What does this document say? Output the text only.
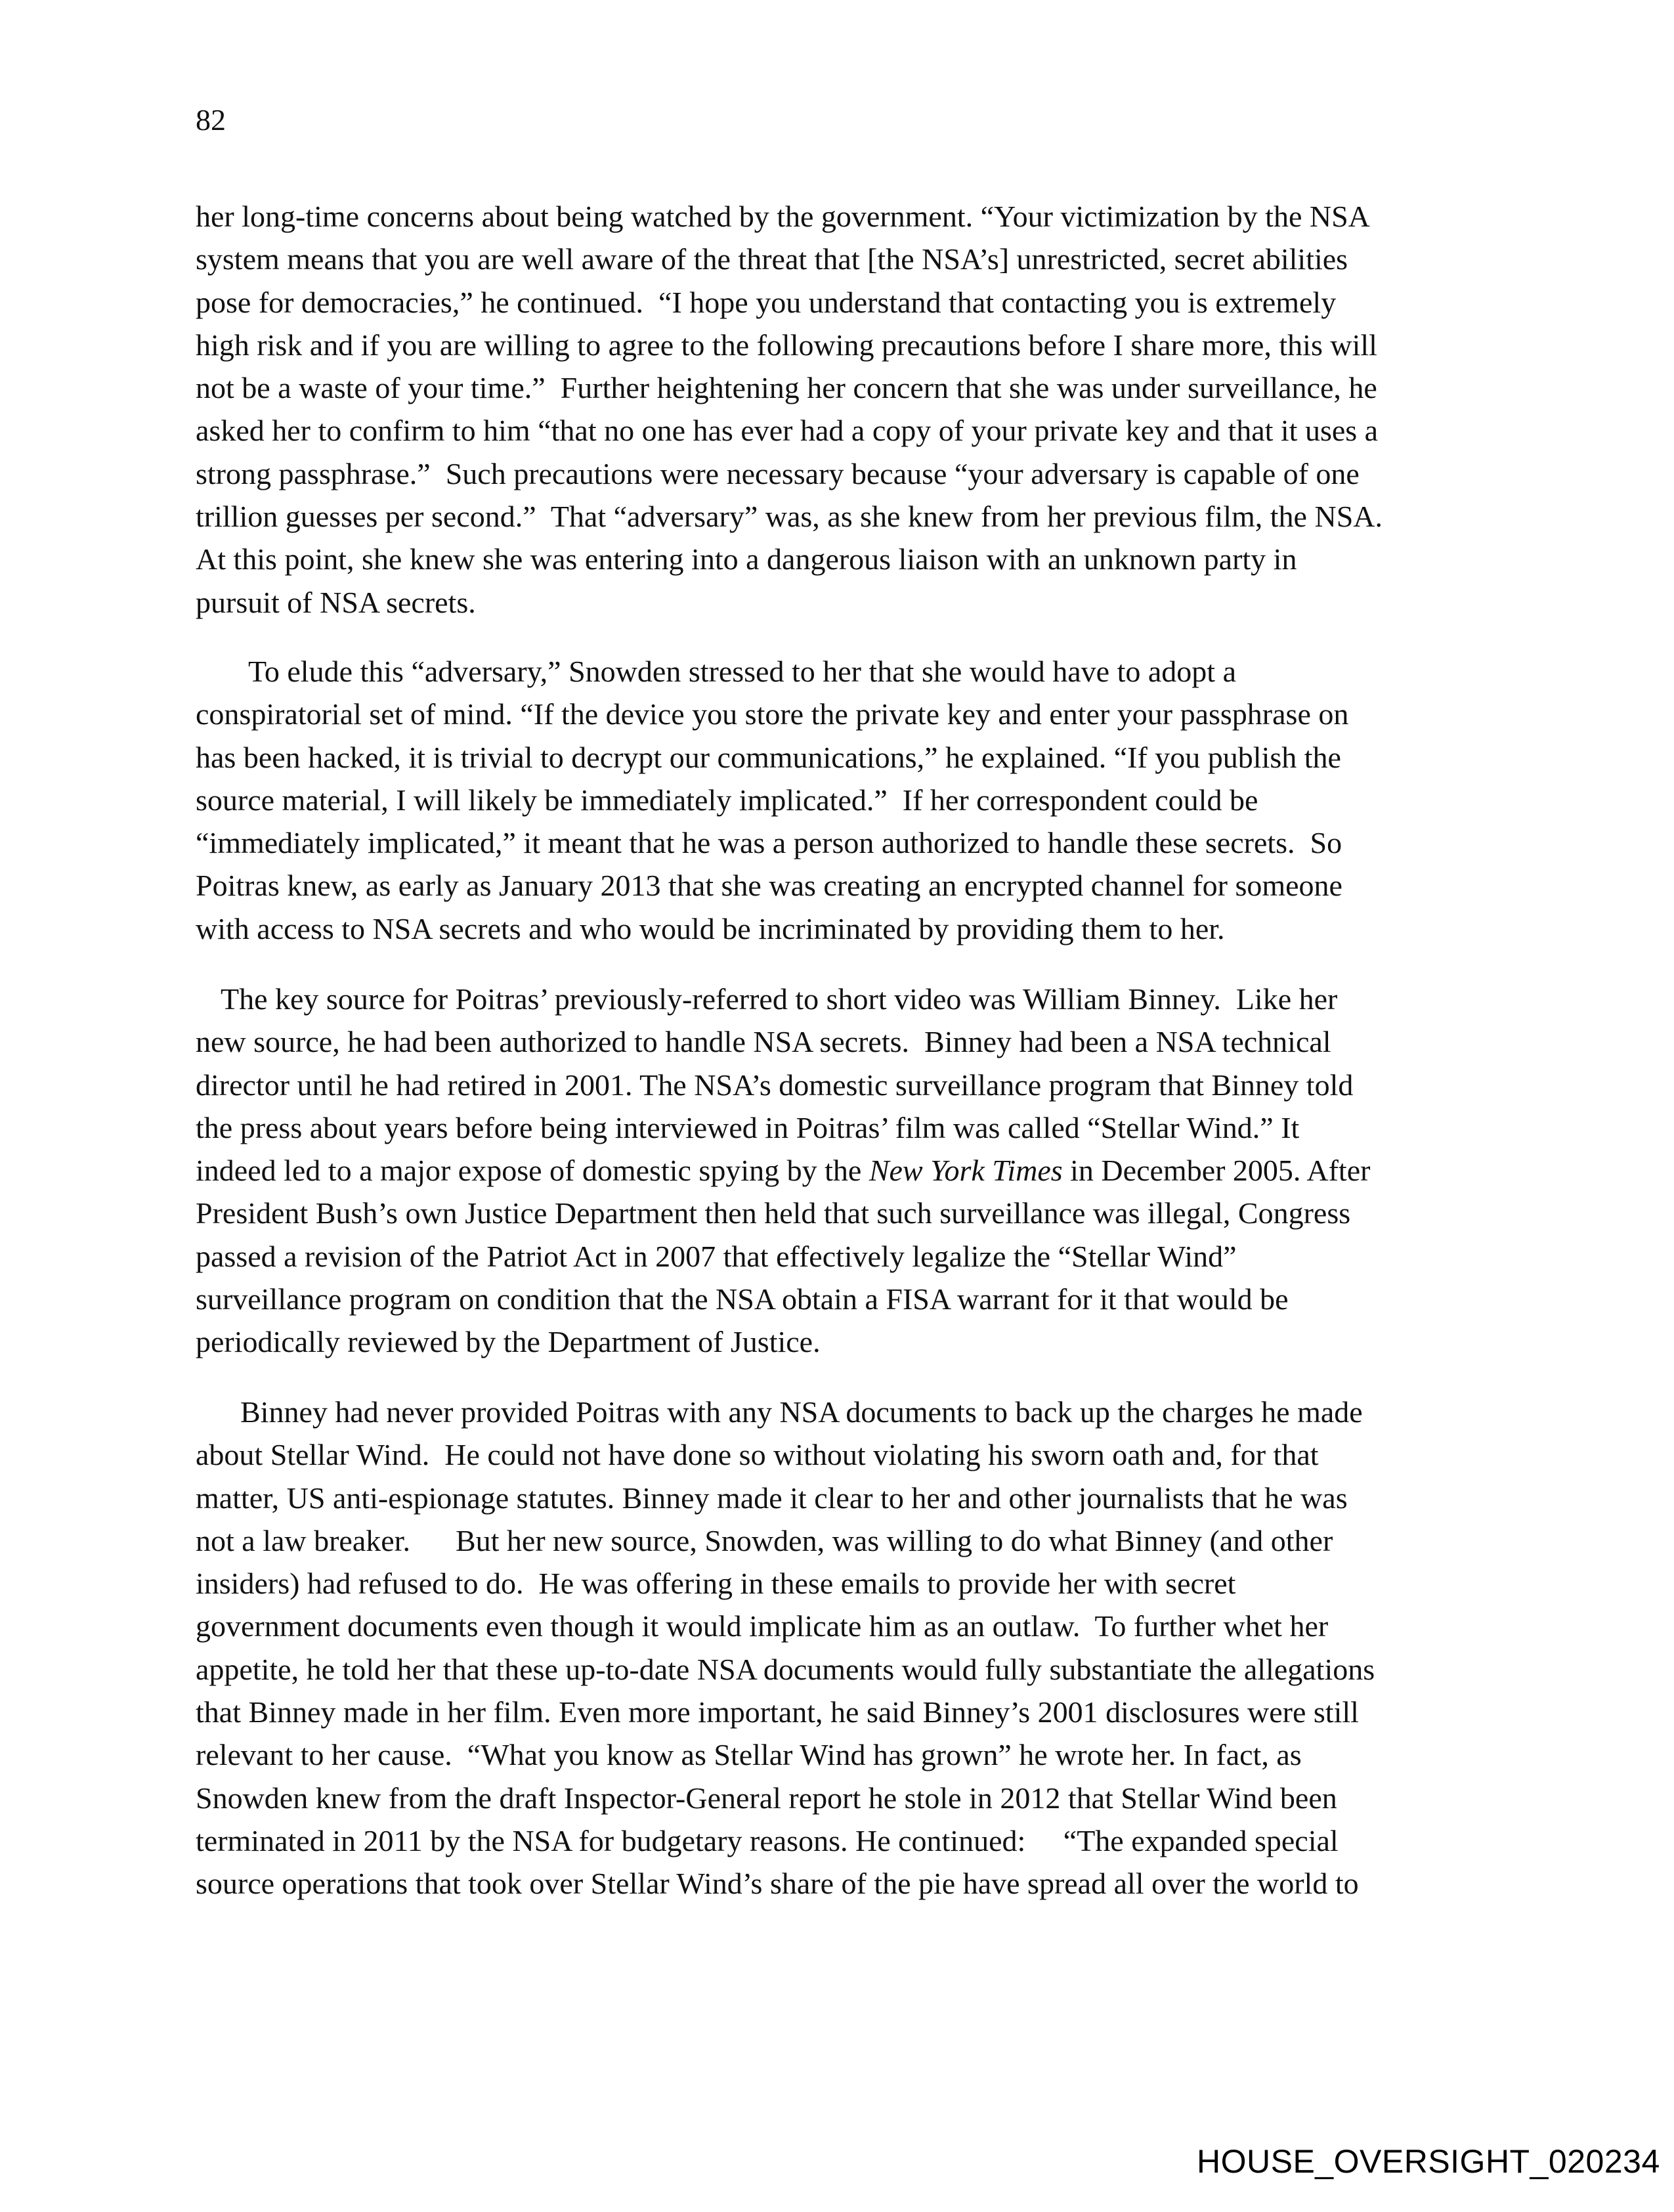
82
her long-time concerns about being watched by the government. “Your victimization by the NSA
system means that you are well aware of the threat that [the NSA’s] unrestricted, secret abilities
pose for democracies,” he continued.  “I hope you understand that contacting you is extremely
high risk and if you are willing to agree to the following precautions before I share more, this will
not be a waste of your time.”  Further heightening her concern that she was under surveillance, he
asked her to confirm to him “that no one has ever had a copy of your private key and that it uses a
strong passphrase.”  Such precautions were necessary because “your adversary is capable of one
trillion guesses per second.”  That “adversary” was, as she knew from her previous film, the NSA.
At this point, she knew she was entering into a dangerous liaison with an unknown party in
pursuit of NSA secrets.
To elude this “adversary,” Snowden stressed to her that she would have to adopt a
conspiratorial set of mind. “If the device you store the private key and enter your passphrase on
has been hacked, it is trivial to decrypt our communications,” he explained. “If you publish the
source material, I will likely be immediately implicated.”  If her correspondent could be
“immediately implicated,” it meant that he was a person authorized to handle these secrets.  So
Poitras knew, as early as January 2013 that she was creating an encrypted channel for someone
with access to NSA secrets and who would be incriminated by providing them to her.
The key source for Poitras’ previously-referred to short video was William Binney.  Like her
new source, he had been authorized to handle NSA secrets.  Binney had been a NSA technical
director until he had retired in 2001. The NSA’s domestic surveillance program that Binney told
the press about years before being interviewed in Poitras’ film was called “Stellar Wind.” It
indeed led to a major expose of domestic spying by the New York Times in December 2005. After
President Bush’s own Justice Department then held that such surveillance was illegal, Congress
passed a revision of the Patriot Act in 2007 that effectively legalize the “Stellar Wind”
surveillance program on condition that the NSA obtain a FISA warrant for it that would be
periodically reviewed by the Department of Justice.
Binney had never provided Poitras with any NSA documents to back up the charges he made
about Stellar Wind.  He could not have done so without violating his sworn oath and, for that
matter, US anti-espionage statutes. Binney made it clear to her and other journalists that he was
not a law breaker.      But her new source, Snowden, was willing to do what Binney (and other
insiders) had refused to do.  He was offering in these emails to provide her with secret
government documents even though it would implicate him as an outlaw.  To further whet her
appetite, he told her that these up-to-date NSA documents would fully substantiate the allegations
that Binney made in her film. Even more important, he said Binney’s 2001 disclosures were still
relevant to her cause.  “What you know as Stellar Wind has grown” he wrote her. In fact, as
Snowden knew from the draft Inspector-General report he stole in 2012 that Stellar Wind been
terminated in 2011 by the NSA for budgetary reasons. He continued:     “The expanded special
source operations that took over Stellar Wind’s share of the pie have spread all over the world to
HOUSE_OVERSIGHT_020234
